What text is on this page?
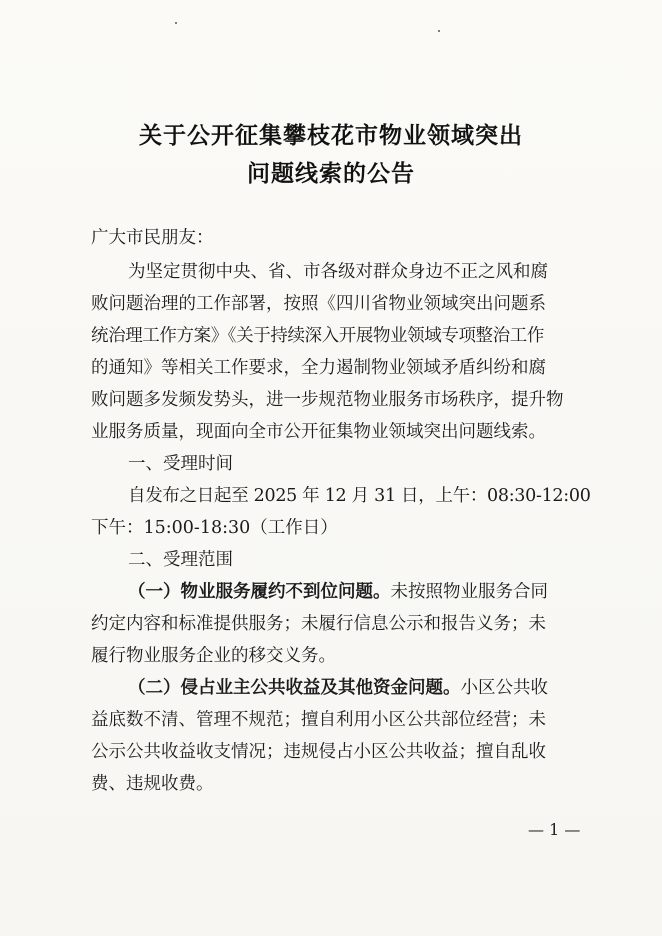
关于公开征集攀枝花市物业领域突出
问题线索的公告
广大市民朋友：
为坚定贯彻中央、省、市各级对群众身边不正之风和腐
败问题治理的工作部署，按照《四川省物业领域突出问题系
统治理工作方案》《关于持续深入开展物业领域专项整治工作
的通知》等相关工作要求，全力遏制物业领域矛盾纠纷和腐
败问题多发频发势头，进一步规范物业服务市场秩序，提升物
业服务质量，现面向全市公开征集物业领域突出问题线索。
一、受理时间
自发布之日起至 2025 年 12 月 31 日，上午：08:30-12:00
下午：15:00-18:30（工作日）
二、受理范围
（一）物业服务履约不到位问题。未按照物业服务合同
约定内容和标准提供服务；未履行信息公示和报告义务；未
履行物业服务企业的移交义务。
（二）侵占业主公共收益及其他资金问题。小区公共收
益底数不清、管理不规范；擅自利用小区公共部位经营；未
公示公共收益收支情况；违规侵占小区公共收益；擅自乱收
费、违规收费。
— 1 —
